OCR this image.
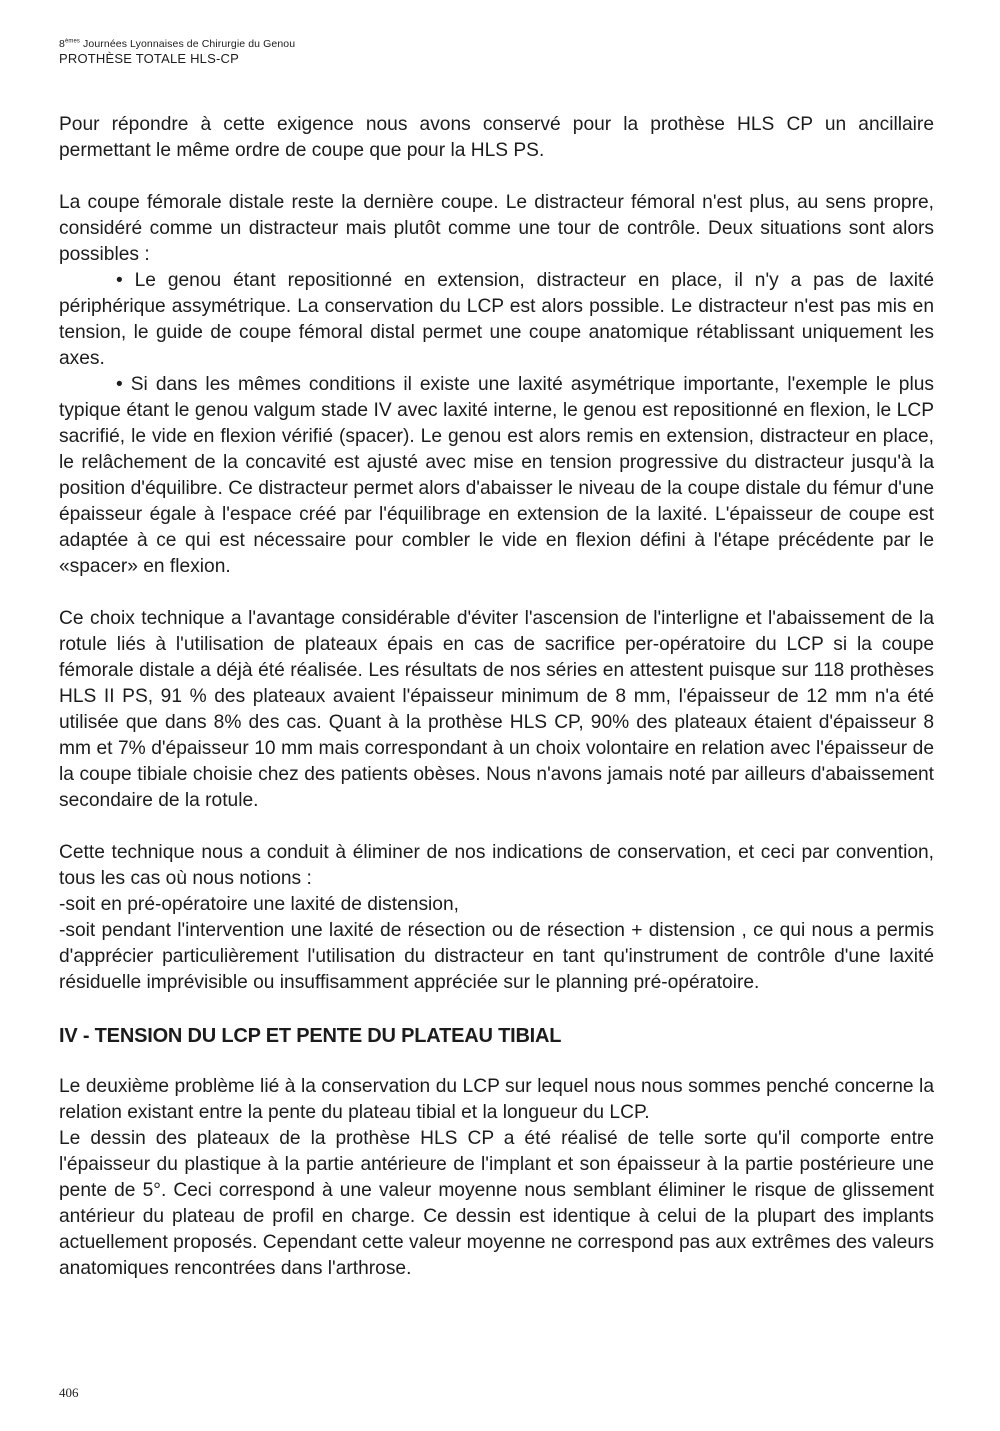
8èmes Journées Lyonnaises de Chirurgie du Genou
PROTHÈSE TOTALE HLS-CP

Pour répondre à cette exigence nous avons conservé pour la prothèse HLS CP un ancillaire permettant le même ordre de coupe que pour la HLS PS.

La coupe fémorale distale reste la dernière coupe. Le distracteur fémoral n'est plus, au sens propre, considéré comme un distracteur mais plutôt comme une tour de contrôle. Deux situations sont alors possibles :

• Le genou étant repositionné en extension, distracteur en place, il n'y a pas de laxité périphérique assymétrique. La conservation du LCP est alors possible. Le distracteur n'est pas mis en tension, le guide de coupe fémoral distal permet une coupe anatomique rétablissant uniquement les axes.

• Si dans les mêmes conditions il existe une laxité asymétrique importante, l'exemple le plus typique étant le genou valgum stade IV avec laxité interne, le genou est repositionné en flexion, le LCP sacrifié, le vide en flexion vérifié (spacer). Le genou est alors remis en extension, distracteur en place, le relâchement de la concavité est ajusté avec mise en tension progressive du distracteur jusqu'à la position d'équilibre. Ce distracteur permet alors d'abaisser le niveau de la coupe distale du fémur d'une épaisseur égale à l'espace créé par l'équilibrage en extension de la laxité. L'épaisseur de coupe est adaptée à ce qui est nécessaire pour combler le vide en flexion défini à l'étape précédente par le «spacer» en flexion.

Ce choix technique a l'avantage considérable d'éviter l'ascension de l'interligne et l'abaissement de la rotule liés à l'utilisation de plateaux épais en cas de sacrifice per-opératoire du LCP si la coupe fémorale distale a déjà été réalisée. Les résultats de nos séries en attestent puisque sur 118 prothèses HLS II PS, 91 % des plateaux avaient l'épaisseur minimum de 8 mm, l'épaisseur de 12 mm n'a été utilisée que dans 8% des cas. Quant à la prothèse HLS CP, 90% des plateaux étaient d'épaisseur 8 mm et 7% d'épaisseur 10 mm mais correspondant à un choix volontaire en relation avec l'épaisseur de la coupe tibiale choisie chez des patients obèses. Nous n'avons jamais noté par ailleurs d'abaissement secondaire de la rotule.

Cette technique nous a conduit à éliminer de nos indications de conservation, et ceci par convention, tous les cas où nous notions :

-soit en pré-opératoire une laxité de distension,

-soit pendant l'intervention une laxité de résection ou de résection + distension , ce qui nous a permis d'apprécier particulièrement l'utilisation du distracteur en tant qu'instrument de contrôle d'une laxité résiduelle imprévisible ou insuffisamment appréciée sur le planning pré-opératoire.

IV - TENSION DU LCP ET PENTE DU PLATEAU TIBIAL

Le deuxième problème lié à la conservation du LCP sur lequel nous nous sommes penché concerne la relation existant entre la pente du plateau tibial et la longueur du LCP.

Le dessin des plateaux de la prothèse HLS CP a été réalisé de telle sorte qu'il comporte entre l'épaisseur du plastique à la partie antérieure de l'implant et son épaisseur à la partie postérieure une pente de 5°. Ceci correspond à une valeur moyenne nous semblant éliminer le risque de glissement antérieur du plateau de profil en charge. Ce dessin est identique à celui de la plupart des implants actuellement proposés. Cependant cette valeur moyenne ne correspond pas aux extrêmes des valeurs anatomiques rencontrées dans l'arthrose.

406
